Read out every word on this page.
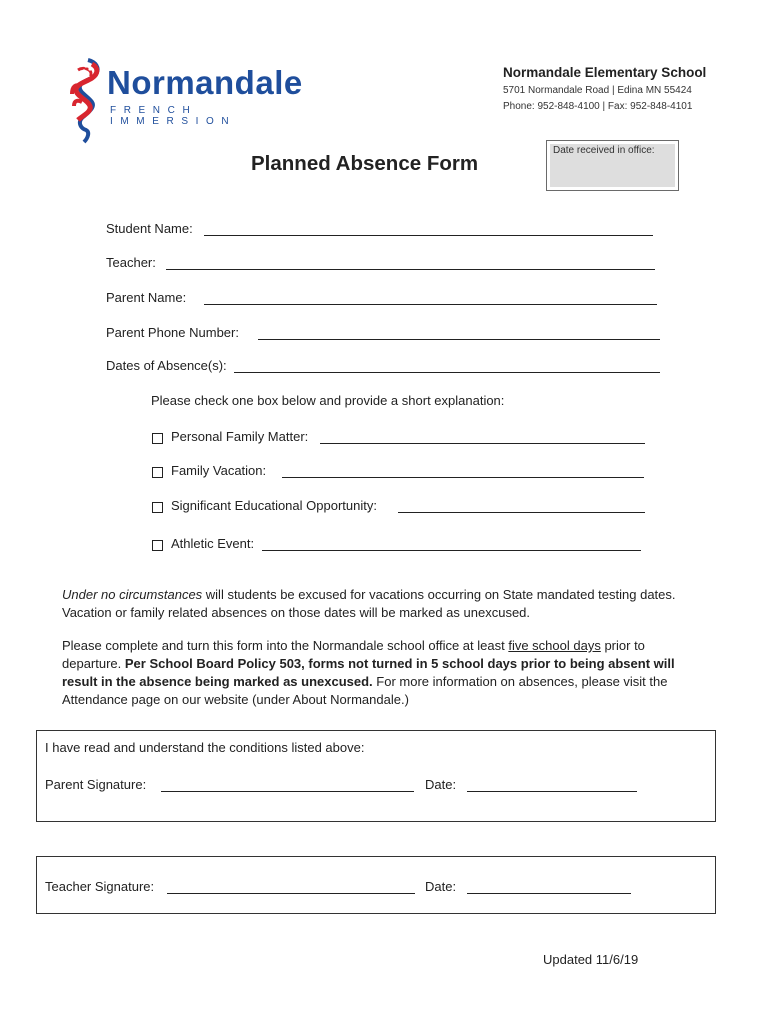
Normandale
FRENCH IMMERSION
Normandale Elementary School
5701 Normandale Road | Edina MN 55424
Phone: 952-848-4100 | Fax: 952-848-4101
Date received in office:
Planned Absence Form
Student Name:
Teacher:
Parent Name:
Parent Phone Number:
Dates of Absence(s):
Please check one box below and provide a short explanation:
Personal Family Matter:
Family Vacation:
Significant Educational Opportunity:
Athletic Event:
Under no circumstances will students be excused for vacations occurring on State mandated testing dates. Vacation or family related absences on those dates will be marked as unexcused.
Please complete and turn this form into the Normandale school office at least five school days prior to departure. Per School Board Policy 503, forms not turned in 5 school days prior to being absent will result in the absence being marked as unexcused. For more information on absences, please visit the Attendance page on our website (under About Normandale.)
I have read and understand the conditions listed above:
Parent Signature:	Date:
Teacher Signature:	Date:
Updated 11/6/19
